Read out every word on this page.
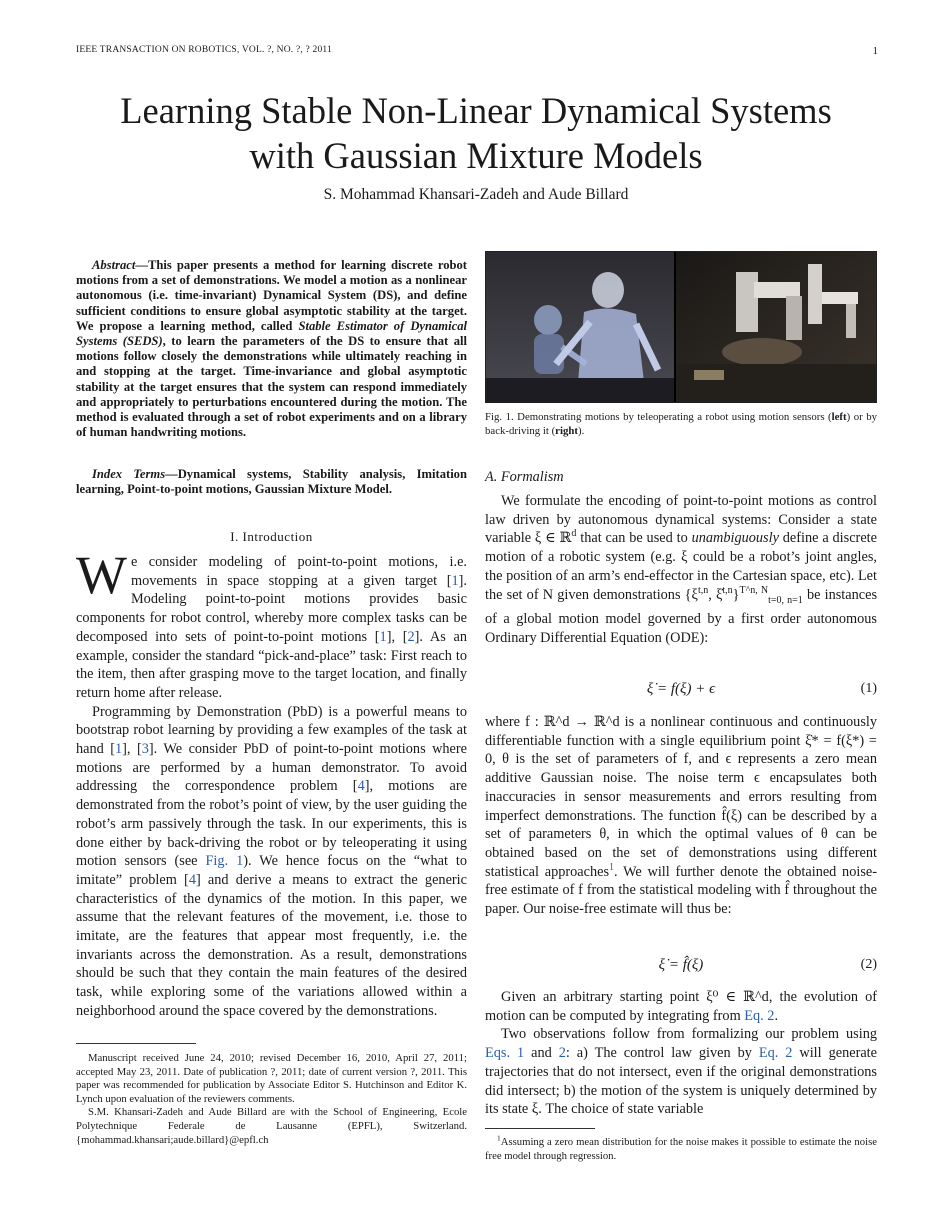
IEEE TRANSACTION ON ROBOTICS, VOL. ?, NO. ?, ? 2011	1
Learning Stable Non-Linear Dynamical Systems
with Gaussian Mixture Models
S. Mohammad Khansari-Zadeh and Aude Billard
Abstract—This paper presents a method for learning discrete robot motions from a set of demonstrations. We model a motion as a nonlinear autonomous (i.e. time-invariant) Dynamical System (DS), and define sufficient conditions to ensure global asymptotic stability at the target. We propose a learning method, called Stable Estimator of Dynamical Systems (SEDS), to learn the parameters of the DS to ensure that all motions follow closely the demonstrations while ultimately reaching in and stopping at the target. Time-invariance and global asymptotic stability at the target ensures that the system can respond immediately and appropriately to perturbations encountered during the motion. The method is evaluated through a set of robot experiments and on a library of human handwriting motions.
Index Terms—Dynamical systems, Stability analysis, Imitation learning, Point-to-point motions, Gaussian Mixture Model.
I. Introduction

We consider modeling of point-to-point motions, i.e. movements in space stopping at a given target [1]. Modeling point-to-point motions provides basic components for robot control, whereby more complex tasks can be decomposed into sets of point-to-point motions [1], [2]. As an example, consider the standard “pick-and-place” task: First reach to the item, then after grasping move to the target location, and finally return home after release.

Programming by Demonstration (PbD) is a powerful means to bootstrap robot learning by providing a few examples of the task at hand [1], [3]. We consider PbD of point-to-point motions where motions are performed by a human demonstrator. To avoid addressing the correspondence problem [4], motions are demonstrated from the robot’s point of view, by the user guiding the robot’s arm passively through the task. In our experiments, this is done either by back-driving the robot or by teleoperating it using motion sensors (see Fig. 1). We hence focus on the “what to imitate” problem [4] and derive a means to extract the generic characteristics of the dynamics of the motion. In this paper, we assume that the relevant features of the movement, i.e. those to imitate, are the features that appear most frequently, i.e. the invariants across the demonstration. As a result, demonstrations should be such that they contain the main features of the desired task, while exploring some of the variations allowed within a neighborhood around the space covered by the demonstrations.

Manuscript received June 24, 2010; revised December 16, 2010, April 27, 2011; accepted May 23, 2011. Date of publication ?, 2011; date of current version ?, 2011. This paper was recommended for publication by Associate Editor S. Hutchinson and Editor K. Lynch upon evaluation of the reviewers comments.

S.M. Khansari-Zadeh and Aude Billard are with the School of Engineering, Ecole Polytechnique Federale de Lausanne (EPFL), Switzerland. {mohammad.khansari;aude.billard}@epfl.ch

Fig. 1. Demonstrating motions by teleoperating a robot using motion sensors (left) or by back-driving it (right).
A. Formalism

We formulate the encoding of point-to-point motions as control law driven by autonomous dynamical systems: Consider a state variable ξ ∈ ℝ$^d$ that can be used to unambiguously define a discrete motion of a robotic system (e.g. ξ could be a robot’s joint angles, the position of an arm’s end-effector in the Cartesian space, etc). Let the set of N given demonstrations {$\xi^{t,n}$, ξ̇$^{t,n}$}$^{T\^{}n, N}_{t=0, n=1}$ be instances of a global motion model governed by a first order autonomous Ordinary Differential Equation (ODE):

ξ̇ = f(ξ) + ϵ	(1)

where f : ℝ^d → ℝ^d is a nonlinear continuous and continuously differentiable function with a single equilibrium point ξ̇* = f(ξ*) = 0, θ is the set of parameters of f, and ϵ represents a zero mean additive Gaussian noise. The noise term ϵ encapsulates both inaccuracies in sensor measurements and errors resulting from imperfect demonstrations. The function f̂(ξ) can be described by a set of parameters θ, in which the optimal values of θ can be obtained based on the set of demonstrations using different statistical approaches$^1$. We will further denote the obtained noise-free estimate of f from the statistical modeling with f̂ throughout the paper. Our noise-free estimate will thus be:

ξ̇ = f̂(ξ)	(2)

Given an arbitrary starting point ξ⁰ ∈ ℝ^d, the evolution of motion can be computed by integrating from Eq. 2.

Two observations follow from formalizing our problem using Eqs. 1 and 2: a) The control law given by Eq. 2 will generate trajectories that do not intersect, even if the original demonstrations did intersect; b) the motion of the system is uniquely determined by its state ξ. The choice of state variable

$^1$Assuming a zero mean distribution for the noise makes it possible to estimate the noise free model through regression.
